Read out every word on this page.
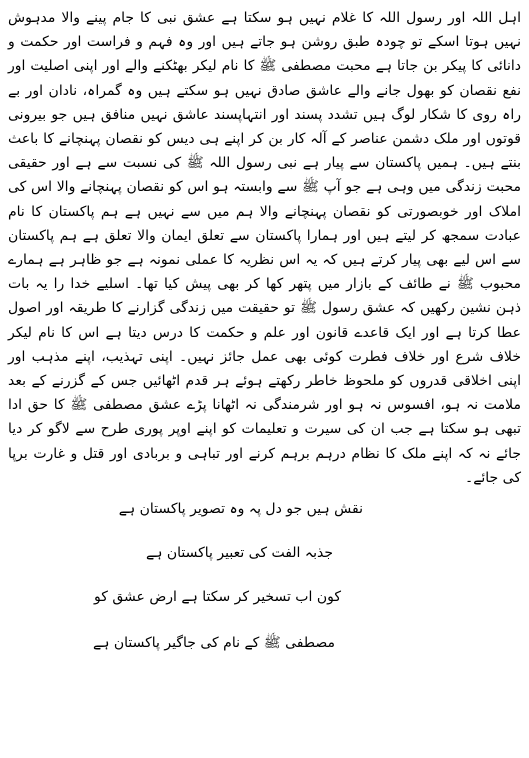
اہل اللہ اور رسول اللہ کا غلام نہیں ہو سکتا ہے عشق نبی کا جام پینے والا مدہوش نہیں ہوتا اسکے تو چودہ طبق روشن ہو جاتے ہیں اور وہ فہم و فراست اور حکمت و دانائی کا پیکر بن جاتا ہے محبت مصطفی ﷺ کا نام لیکر بھٹکنے والے اور اپنی اصلیت اور نفع نقصان کو بھول جانے والے عاشق صادق نہیں ہو سکتے ہیں وہ گمراہ، نادان اور بے راہ روی کا شکار لوگ ہیں تشدد پسند اور انتہاپسند عاشق نہیں منافق ہیں جو بیرونی قوتوں اور ملک دشمن عناصر کے آلہ کار بن کر اپنے ہی دیس کو نقصان پہنچانے کا باعث بنتے ہیں۔ ہمیں پاکستان سے پیار ہے نبی رسول اللہ ﷺ کی نسبت سے ہے اور حقیقی محبت زندگی میں وہی ہے جو آپ ﷺ سے وابستہ ہو اس کو نقصان پہنچانے والا اس کی املاک اور خوبصورتی کو نقصان پہنچانے والا ہم میں سے نہیں ہے ہم پاکستان کا نام عبادت سمجھ کر لیتے ہیں اور ہمارا پاکستان سے تعلق ایمان والا تعلق ہے ہم پاکستان سے اس لیے بھی پیار کرتے ہیں کہ یہ اس نظریہ کا عملی نمونہ ہے جو ظاہر ہے ہمارے محبوب ﷺ نے طائف کے بازار میں پتھر کھا کر بھی پیش کیا تھا۔ اسلیے خدا را یہ بات ذہن نشین رکھیں کہ عشق رسول ﷺ تو حقیقت میں زندگی گزارنے کا طریقہ اور اصول عطا کرتا ہے اور ایک قاعدے قانون اور علم و حکمت کا درس دیتا ہے اس کا نام لیکر خلاف شرع اور خلاف فطرت کوئی بھی عمل جائز نہیں۔ اپنی تہذیب، اپنے مذہب اور اپنی اخلاقی قدروں کو ملحوظ خاطر رکھتے ہوئے ہر قدم اٹھائیں جس کے گزرنے کے بعد ملامت نہ ہو، افسوس نہ ہو اور شرمندگی نہ اٹھانا پڑے عشق مصطفی ﷺ کا حق ادا تبھی ہو سکتا ہے جب ان کی سیرت و تعلیمات کو اپنے اوپر پوری طرح سے لاگو کر دیا جائے نہ کہ اپنے ملک کا نظام درہم برہم کرنے اور تباہی و بربادی اور قتل و غارت برپا کی جائے۔

نقش ہیں جو دل پہ وہ تصویر پاکستان ہے
جذبہ الفت کی تعبیر پاکستان ہے
کون اب تسخیر کر سکتا ہے ارض عشق کو
مصطفی ﷺ کے نام کی جاگیر پاکستان ہے
